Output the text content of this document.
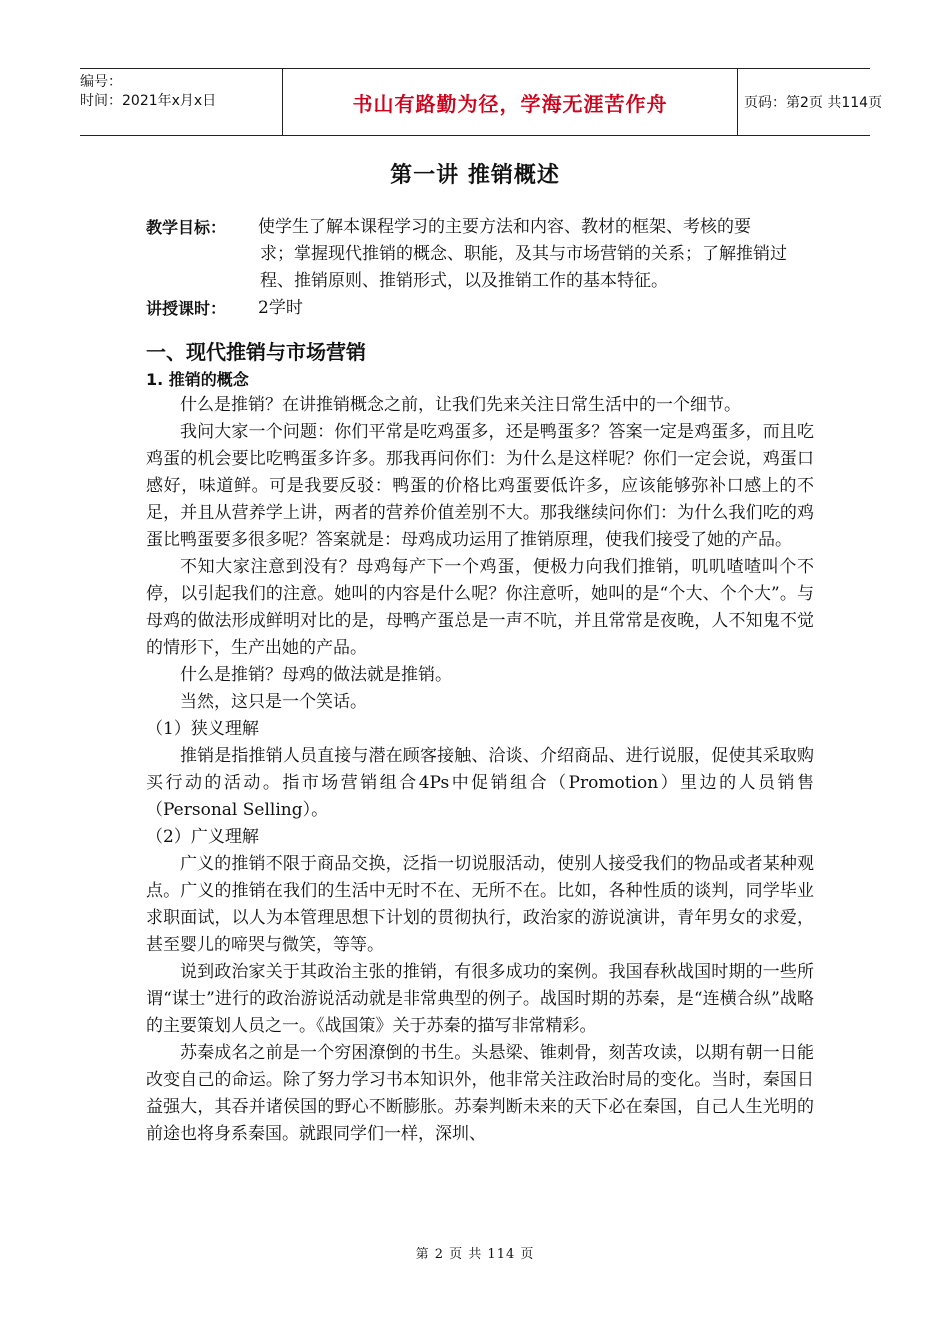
编号：
时间：2021年x月x日	书山有路勤为径，学海无涯苦作舟	页码：第2页 共114页
第一讲 推销概述
教学目标：	使学生了解本课程学习的主要方法和内容、教材的框架、考核的要
求；掌握现代推销的概念、职能，及其与市场营销的关系；了解推销过程、推销原则、推销形式，以及推销工作的基本特征。
讲授课时：	2学时
一、现代推销与市场营销
1. 推销的概念
什么是推销？在讲推销概念之前，让我们先来关注日常生活中的一个细节。
我问大家一个问题：你们平常是吃鸡蛋多，还是鸭蛋多？答案一定是鸡蛋多，而且吃鸡蛋的机会要比吃鸭蛋多许多。那我再问你们：为什么是这样呢？你们一定会说，鸡蛋口感好，味道鲜。可是我要反驳：鸭蛋的价格比鸡蛋要低许多，应该能够弥补口感上的不足，并且从营养学上讲，两者的营养价值差别不大。那我继续问你们：为什么我们吃的鸡蛋比鸭蛋要多很多呢？答案就是：母鸡成功运用了推销原理，使我们接受了她的产品。
不知大家注意到没有？母鸡每产下一个鸡蛋，便极力向我们推销，叽叽喳喳叫个不停，以引起我们的注意。她叫的内容是什么呢？你注意听，她叫的是“个大、个个大”。与母鸡的做法形成鲜明对比的是，母鸭产蛋总是一声不吭，并且常常是夜晚，人不知鬼不觉的情形下，生产出她的产品。
什么是推销？母鸡的做法就是推销。
当然，这只是一个笑话。
（1）狭义理解
推销是指推销人员直接与潜在顾客接触、洽谈、介绍商品、进行说服，促使其采取购买行动的活动。指市场营销组合4Ps中促销组合（Promotion）里边的人员销售（Personal Selling）。
（2）广义理解
广义的推销不限于商品交换，泛指一切说服活动，使别人接受我们的物品或者某种观点。广义的推销在我们的生活中无时不在、无所不在。比如，各种性质的谈判，同学毕业求职面试，以人为本管理思想下计划的贯彻执行，政治家的游说演讲，青年男女的求爱，甚至婴儿的啼哭与微笑，等等。
说到政治家关于其政治主张的推销，有很多成功的案例。我国春秋战国时期的一些所谓“谋士”进行的政治游说活动就是非常典型的例子。战国时期的苏秦，是“连横合纵”战略的主要策划人员之一。《战国策》关于苏秦的描写非常精彩。
苏秦成名之前是一个穷困潦倒的书生。头悬梁、锥刺骨，刻苦攻读，以期有朝一日能改变自己的命运。除了努力学习书本知识外，他非常关注政治时局的变化。当时，秦国日益强大，其吞并诸侯国的野心不断膨胀。苏秦判断未来的天下必在秦国，自己人生光明的前途也将身系秦国。就跟同学们一样，深圳、
第 2 页 共 114 页
